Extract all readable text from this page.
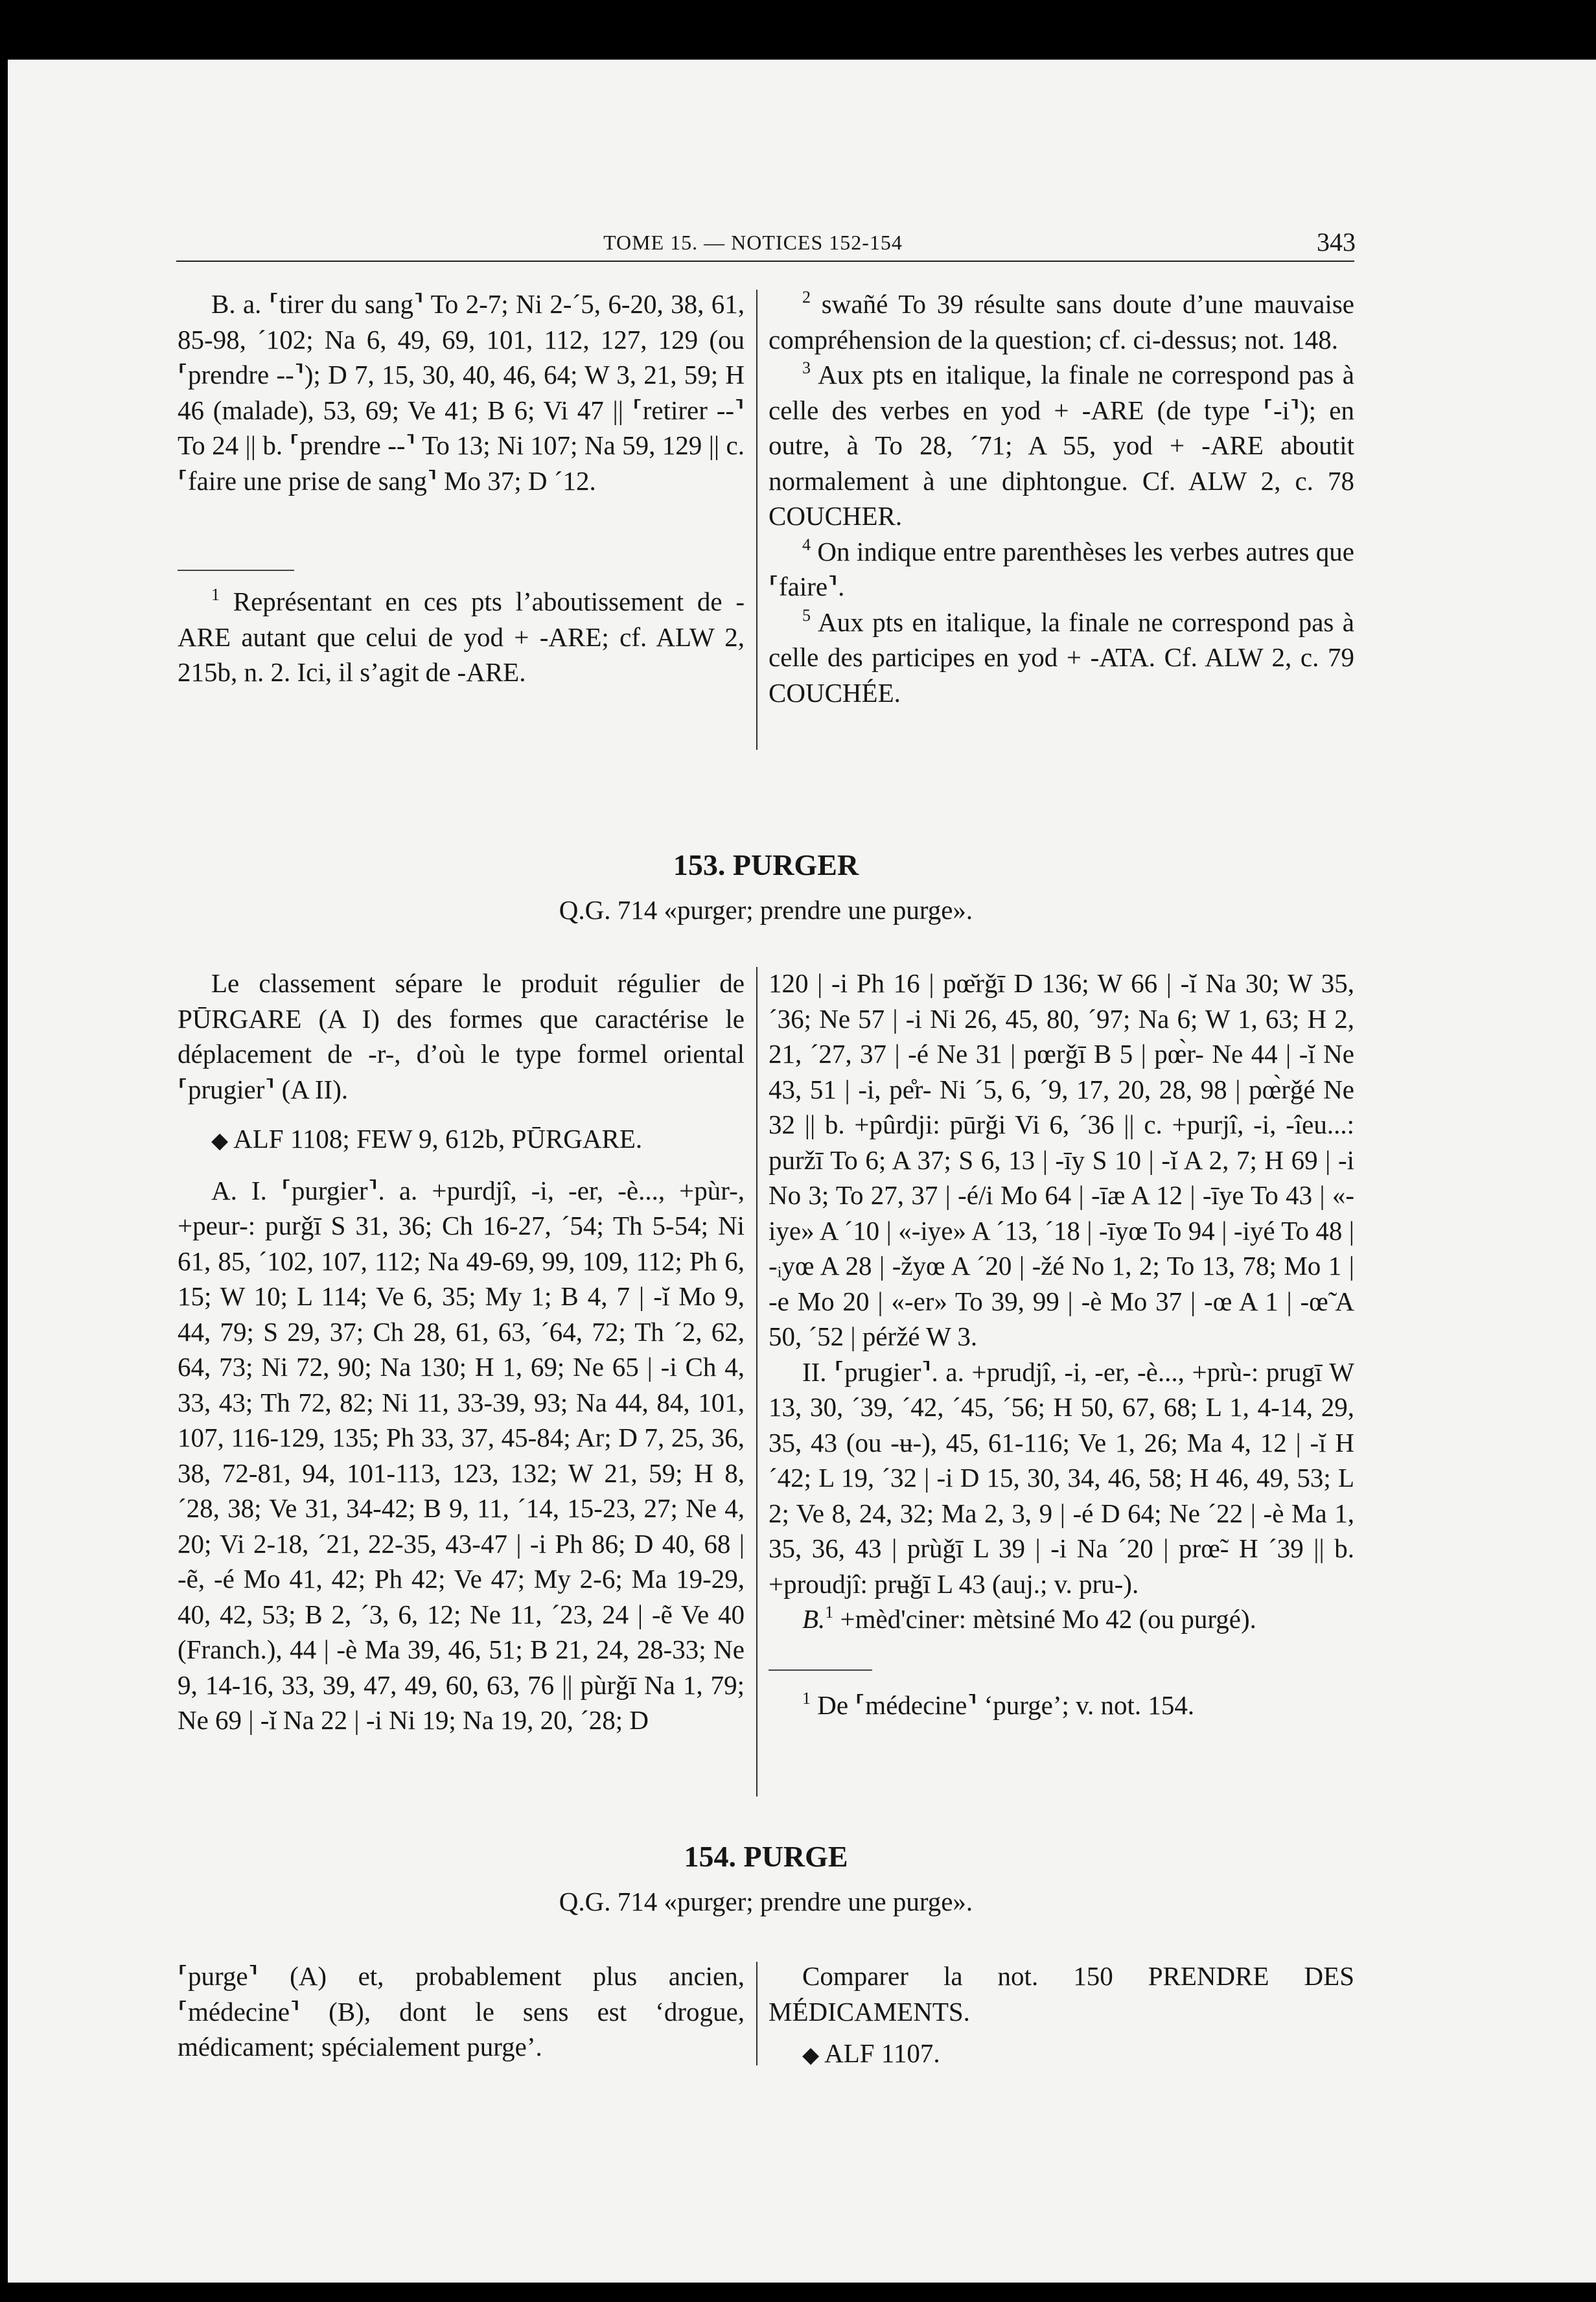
TOME 15. — NOTICES 152-154	343

B. a. ⸢tirer du sang⸣ To 2-7; Ni 2-´5, 6-20, 38, 61, 85-98, ´102; Na 6, 49, 69, 101, 112, 127, 129 (ou ⸢prendre --⸣); D 7, 15, 30, 40, 46, 64; W 3, 21, 59; H 46 (malade), 53, 69; Ve 41; B 6; Vi 47 || ⸢retirer --⸣ To 24 || b. ⸢prendre --⸣ To 13; Ni 107; Na 59, 129 || c. ⸢faire une prise de sang⸣ Mo 37; D ´12.

$^1$ Représentant en ces pts l’aboutissement de -ARE autant que celui de yod + -ARE; cf. ALW 2, 215b, n. 2. Ici, il s’agit de -ARE.

$^2$ swañé To 39 résulte sans doute d’une mauvaise compréhension de la question; cf. ci-dessus; not. 148.

$^3$ Aux pts en italique, la finale ne correspond pas à celle des verbes en yod + -ARE (de type ⸢-i⸣); en outre, à To 28, ´71; A 55, yod + -ARE aboutit normalement à une diphtongue. Cf. ALW 2, c. 78 COUCHER.

$^4$ On indique entre parenthèses les verbes autres que ⸢faire⸣.

$^5$ Aux pts en italique, la finale ne correspond pas à celle des participes en yod + -ATA. Cf. ALW 2, c. 79 COUCHÉE.

153. PURGER
Q.G. 714 «purger; prendre une purge».

Le classement sépare le produit régulier de PŪRGARE (A I) des formes que caractérise le déplacement de -r-, d’où le type formel oriental ⸢prugier⸣ (A II).

◆ ALF 1108; FEW 9, 612b, PŪRGARE.

A. I. ⸢purgier⸣. a. +purdjî, -i, -er, -è..., +pùr-, +peur-: purǧī S 31, 36; Ch 16-27, ´54; Th 5-54; Ni 61, 85, ´102, 107, 112; Na 49-69, 99, 109, 112; Ph 6, 15; W 10; L 114; Ve 6, 35; My 1; B 4, 7 | -ĭ Mo 9, 44, 79; S 29, 37; Ch 28, 61, 63, ´64, 72; Th ´2, 62, 64, 73; Ni 72, 90; Na 130; H 1, 69; Ne 65 | -i Ch 4, 33, 43; Th 72, 82; Ni 11, 33-39, 93; Na 44, 84, 101, 107, 116-129, 135; Ph 33, 37, 45-84; Ar; D 7, 25, 36, 38, 72-81, 94, 101-113, 123, 132; W 21, 59; H 8, ´28, 38; Ve 31, 34-42; B 9, 11, ´14, 15-23, 27; Ne 4, 20; Vi 2-18, ´21, 22-35, 43-47 | -i Ph 86; D 40, 68 | -ẽ, -é Mo 41, 42; Ph 42; Ve 47; My 2-6; Ma 19-29, 40, 42, 53; B 2, ´3, 6, 12; Ne 11, ´23, 24 | -ẽ Ve 40 (Franch.), 44 | -è Ma 39, 46, 51; B 21, 24, 28-33; Ne 9, 14-16, 33, 39, 47, 49, 60, 63, 76 || pùrǧī Na 1, 79; Ne 69 | -ĭ Na 22 | -i Ni 19; Na 19, 20, ´28; D

120 | -i Ph 16 | pœ̆rǧī D 136; W 66 | -ĭ Na 30; W 35, ´36; Ne 57 | -i Ni 26, 45, 80, ´97; Na 6; W 1, 63; H 2, 21, ´27, 37 | -é Ne 31 | pœrǧī B 5 | pœ̀r- Ne 44 | -ĭ Ne 43, 51 | -i, pe̊r- Ni ´5, 6, ´9, 17, 20, 28, 98 | pœ̀rǧé Ne 32 || b. +pûrdji: pūrǧi Vi 6, ´36 || c. +purjî, -i, -îeu...: puržī To 6; A 37; S 6, 13 | -īy S 10 | -ĭ A 2, 7; H 69 | -i No 3; To 27, 37 | -é/i Mo 64 | -īæ A 12 | -īye To 43 | «-iye» A ´10 | «-iye» A ´13, ´18 | -īyœ To 94 | -iyé To 48 | -ᵢyœ A 28 | -žyœ A ´20 | -žé No 1, 2; To 13, 78; Mo 1 | -e Mo 20 | «-er» To 39, 99 | -è Mo 37 | -œ A 1 | -œ̃ A 50, ´52 | péržé W 3.

II. ⸢prugier⸣. a. +prudjî, -i, -er, -è..., +prù-: prugī W 13, 30, ´39, ´42, ´45, ´56; H 50, 67, 68; L 1, 4-14, 29, 35, 43 (ou -ʉ-), 45, 61-116; Ve 1, 26; Ma 4, 12 | -ĭ H ´42; L 19, ´32 | -i D 15, 30, 34, 46, 58; H 46, 49, 53; L 2; Ve 8, 24, 32; Ma 2, 3, 9 | -é D 64; Ne ´22 | -è Ma 1, 35, 36, 43 | prùǧī L 39 | -i Na ´20 | prœ̃- H ´39 || b. +proudjî: prʉǧī L 43 (auj.; v. pru-).

B.$^1$ +mèd'ciner: mètsiné Mo 42 (ou purgé).

$^1$ De ⸢médecine⸣ ‘purge’; v. not. 154.

154. PURGE
Q.G. 714 «purger; prendre une purge».

⸢purge⸣ (A) et, probablement plus ancien, ⸢médecine⸣ (B), dont le sens est ‘drogue, médicament; spécialement purge’.

Comparer la not. 150 PRENDRE DES MÉDICAMENTS.

◆ ALF 1107.
